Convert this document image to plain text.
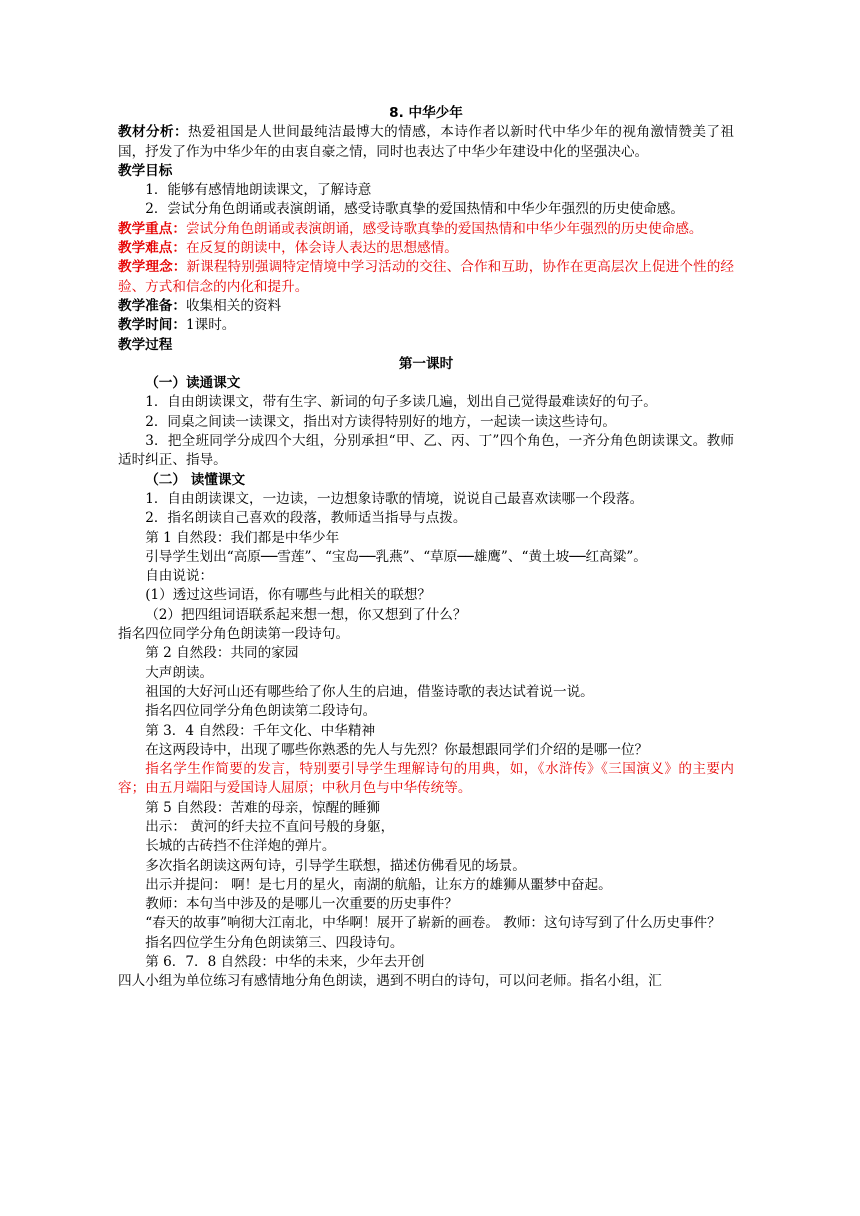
8. 中华少年

教材分析：热爱祖国是人世间最纯洁最博大的情感，本诗作者以新时代中华少年的视角激情赞美了祖国，抒发了作为中华少年的由衷自豪之情，同时也表达了中华少年建设中化的坚强决心。

教学目标

1．能够有感情地朗读课文，了解诗意

2．尝试分角色朗诵或表演朗诵，感受诗歌真挚的爱国热情和中华少年强烈的历史使命感。

教学重点：尝试分角色朗诵或表演朗诵，感受诗歌真挚的爱国热情和中华少年强烈的历史使命感。

教学难点：在反复的朗读中，体会诗人表达的思想感情。

教学理念：新课程特别强调特定情境中学习活动的交往、合作和互助，协作在更高层次上促进个性的经验、方式和信念的内化和提升。

教学准备：收集相关的资料

教学时间：1课时。

教学过程

第一课时

（一）读通课文

1．自由朗读课文，带有生字、新词的句子多读几遍，划出自己觉得最难读好的句子。

2．同桌之间读一读课文，指出对方读得特别好的地方，一起读一读这些诗句。

3．把全班同学分成四个大组，分别承担“甲、乙、丙、丁”四个角色，一齐分角色朗读课文。教师适时纠正、指导。

（二） 读懂课文

1．自由朗读课文，一边读，一边想象诗歌的情境，说说自己最喜欢读哪一个段落。

2．指名朗读自己喜欢的段落，教师适当指导与点拨。

第 1 自然段：我们都是中华少年

引导学生划出“高原──雪莲”、“宝岛──乳燕”、“草原──雄鹰”、“黄土坡──红高粱”。

自由说说：

(1）透过这些词语，你有哪些与此相关的联想？

（2）把四组词语联系起来想一想，你又想到了什么？

指名四位同学分角色朗读第一段诗句。

第 2 自然段：共同的家园

大声朗读。

祖国的大好河山还有哪些给了你人生的启迪，借鉴诗歌的表达试着说一说。

指名四位同学分角色朗读第二段诗句。

第 3．4 自然段：千年文化、中华精神

在这两段诗中，出现了哪些你熟悉的先人与先烈？你最想跟同学们介绍的是哪一位？

指名学生作简要的发言，特别要引导学生理解诗句的用典，如，《水浒传》《三国演义》的主要内容；由五月端阳与爱国诗人屈原；中秋月色与中华传统等。

第 5 自然段：苦难的母亲，惊醒的睡狮

出示： 黄河的纤夫拉不直问号般的身躯，

长城的古砖挡不住洋炮的弹片。

多次指名朗读这两句诗，引导学生联想，描述仿佛看见的场景。

出示并提问： 啊！是七月的星火，南湖的航船，让东方的雄狮从噩梦中奋起。

教师：本句当中涉及的是哪儿一次重要的历史事件？

“春天的故事”响彻大江南北，中华啊！展开了崭新的画卷。 教师：这句诗写到了什么历史事件？

指名四位学生分角色朗读第三、四段诗句。

第 6．7．8 自然段：中华的未来，少年去开创

四人小组为单位练习有感情地分角色朗读，遇到不明白的诗句，可以问老师。指名小组，汇
